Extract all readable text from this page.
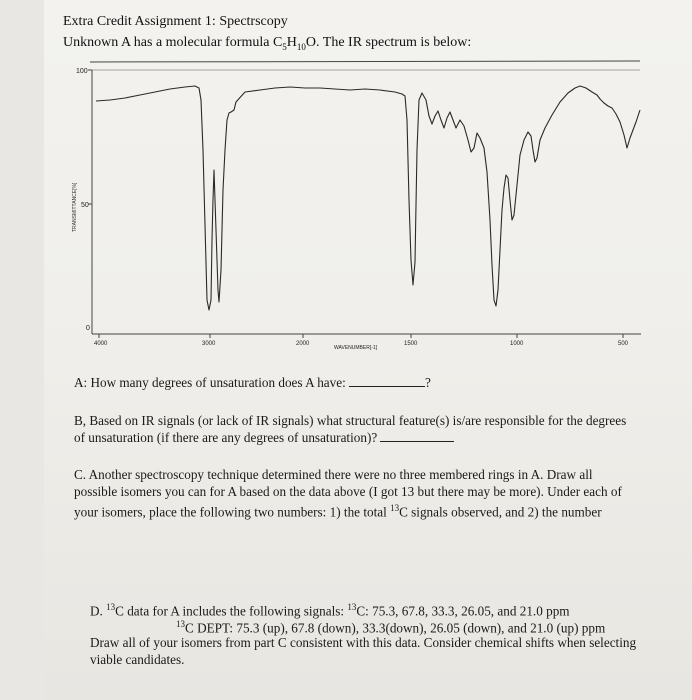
Extra Credit Assignment 1: Spectrscopy
Unknown A has a molecular formula $C_5H_{10}O$. The IR spectrum is below:
100
50
0
TRANSMITTANCE[%]
4000	3000	2000	1500	1000	500
WAVENUMBER[-1]
A: How many degrees of unsaturation does A have:	?
B, Based on IR signals (or lack of IR signals) what structural feature(s) is/are responsible for the degrees
of unsaturation (if there are any degrees of unsaturation)?
C. Another spectroscopy technique determined there were no three membered rings in A. Draw all
possible isomers you can for A based on the data above (I got 13 but there may be more). Under each of
your isomers, place the following two numbers: 1) the total $^{13}$C signals observed, and 2) the number
D. $^{13}$C data for A includes the following signals: $^{13}$C: 75.3, 67.8, 33.3, 26.05, and 21.0 ppm
$^{13}$C DEPT: 75.3 (up), 67.8 (down), 33.3(down), 26.05 (down), and 21.0 (up) ppm
Draw all of your isomers from part C consistent with this data. Consider chemical shifts when selecting
viable candidates.
